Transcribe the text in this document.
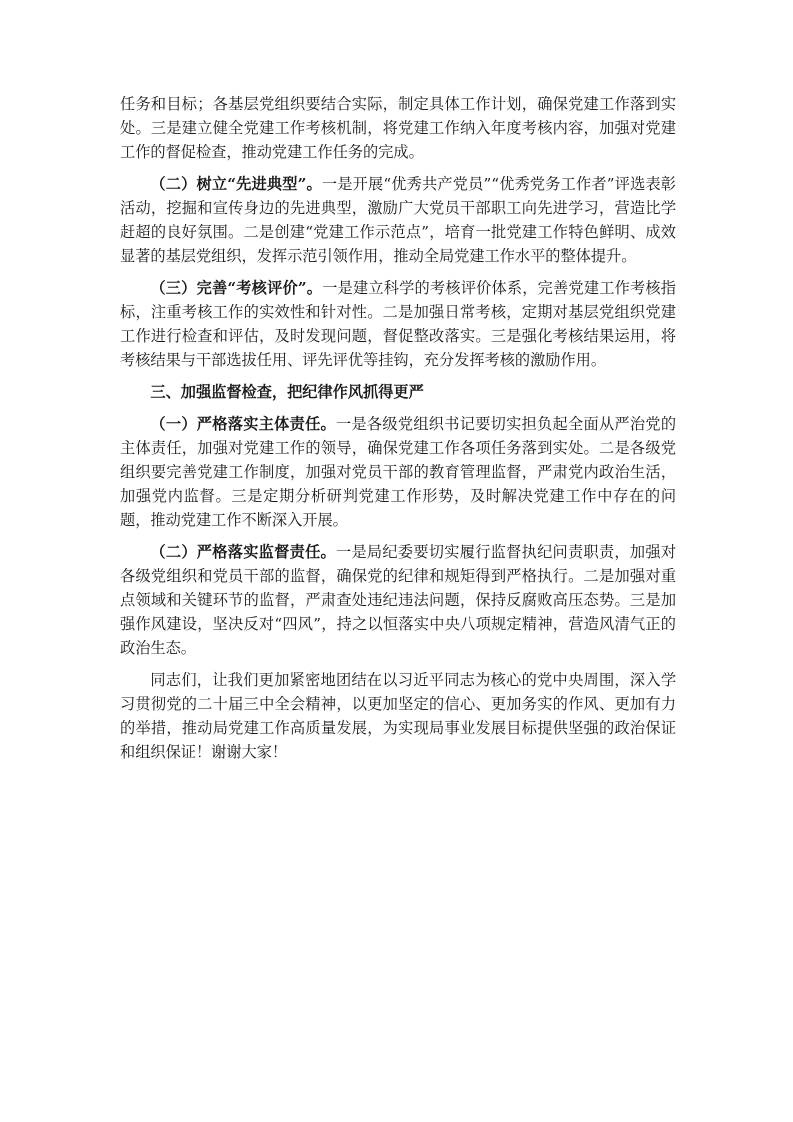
任务和目标；各基层党组织要结合实际，制定具体工作计划，确保党建工作落到实处。三是建立健全党建工作考核机制，将党建工作纳入年度考核内容，加强对党建工作的督促检查，推动党建工作任务的完成。

（二）树立“先进典型”。一是开展“优秀共产党员”“优秀党务工作者”评选表彰活动，挖掘和宣传身边的先进典型，激励广大党员干部职工向先进学习，营造比学赶超的良好氛围。二是创建“党建工作示范点”，培育一批党建工作特色鲜明、成效显著的基层党组织，发挥示范引领作用，推动全局党建工作水平的整体提升。

（三）完善“考核评价”。一是建立科学的考核评价体系，完善党建工作考核指标，注重考核工作的实效性和针对性。二是加强日常考核，定期对基层党组织党建工作进行检查和评估，及时发现问题，督促整改落实。三是强化考核结果运用，将考核结果与干部选拔任用、评先评优等挂钩，充分发挥考核的激励作用。

三、加强监督检查，把纪律作风抓得更严

（一）严格落实主体责任。一是各级党组织书记要切实担负起全面从严治党的主体责任，加强对党建工作的领导，确保党建工作各项任务落到实处。二是各级党组织要完善党建工作制度，加强对党员干部的教育管理监督，严肃党内政治生活，加强党内监督。三是定期分析研判党建工作形势，及时解决党建工作中存在的问题，推动党建工作不断深入开展。

（二）严格落实监督责任。一是局纪委要切实履行监督执纪问责职责，加强对各级党组织和党员干部的监督，确保党的纪律和规矩得到严格执行。二是加强对重点领域和关键环节的监督，严肃查处违纪违法问题，保持反腐败高压态势。三是加强作风建设，坚决反对“四风”，持之以恒落实中央八项规定精神，营造风清气正的政治生态。

同志们，让我们更加紧密地团结在以习近平同志为核心的党中央周围，深入学习贯彻党的二十届三中全会精神，以更加坚定的信心、更加务实的作风、更加有力的举措，推动局党建工作高质量发展，为实现局事业发展目标提供坚强的政治保证和组织保证！谢谢大家！
